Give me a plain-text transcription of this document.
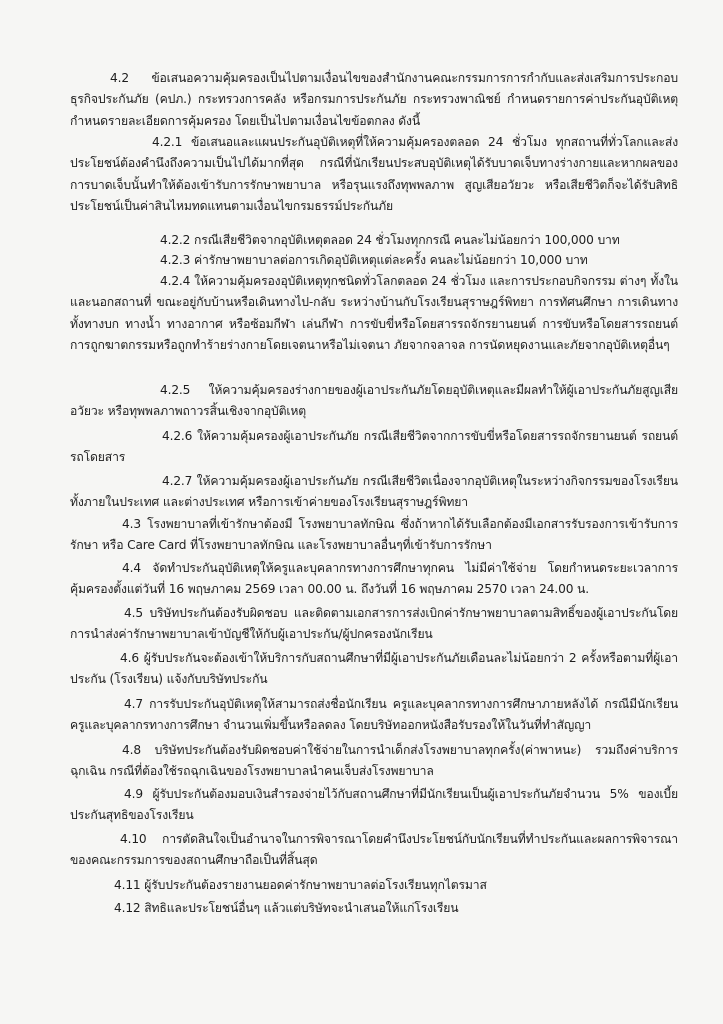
4.2 ข้อเสนอความคุ้มครองเป็นไปตามเงื่อนไขของสำนักงานคณะกรรมการการกำกับและส่งเสริมการประกอบธุรกิจประกันภัย (คปภ.) กระทรวงการคลัง หรือกรมการประกันภัย กระทรวงพาณิชย์ กำหนดรายการค่าประกันอุบัติเหตุ กำหนดรายละเอียดการคุ้มครอง โดยเป็นไปตามเงื่อนไขข้อตกลง ดังนี้
4.2.1 ข้อเสนอและแผนประกันอุบัติเหตุที่ให้ความคุ้มครองตลอด 24 ชั่วโมง ทุกสถานที่ทั่วโลกและส่งประโยชน์ต้องคำนึงถึงความเป็นไปได้มากที่สุด กรณีที่นักเรียนประสบอุบัติเหตุได้รับบาดเจ็บทางร่างกายและหากผลของการบาดเจ็บนั้นทำให้ต้องเข้ารับการรักษาพยาบาล หรือรุนแรงถึงทุพพลภาพ สูญเสียอวัยวะ หรือเสียชีวิตก็จะได้รับสิทธิประโยชน์เป็นค่าสินไหมทดแทนตามเงื่อนไขกรมธรรม์ประกันภัย
4.2.2 กรณีเสียชีวิตจากอุบัติเหตุตลอด 24 ชั่วโมงทุกกรณี คนละไม่น้อยกว่า 100,000 บาท
4.2.3 ค่ารักษาพยาบาลต่อการเกิดอุบัติเหตุแต่ละครั้ง คนละไม่น้อยกว่า 10,000 บาท
4.2.4 ให้ความคุ้มครองอุบัติเหตุทุกชนิดทั่วโลกตลอด 24 ชั่วโมง และการประกอบกิจกรรม ต่างๆ ทั้งในและนอกสถานที่ ขณะอยู่กับบ้านหรือเดินทางไป-กลับ ระหว่างบ้านกับโรงเรียนสุราษฎร์พิทยา การทัศนศึกษา การเดินทางทั้งทางบก ทางน้ำ ทางอากาศ หรือซ้อมกีฬา เล่นกีฬา การขับขี่หรือโดยสารรถจักรยานยนต์ การขับหรือโดยสารรถยนต์ การถูกฆาตกรรมหรือถูกทำร้ายร่างกายโดยเจตนาหรือไม่เจตนา ภัยจากจลาจล การนัดหยุดงานและภัยจากอุบัติเหตุอื่นๆ
4.2.5 ให้ความคุ้มครองร่างกายของผู้เอาประกันภัยโดยอุบัติเหตุและมีผลทำให้ผู้เอาประกันภัยสูญเสียอวัยวะ หรือทุพพลภาพถาวรสิ้นเชิงจากอุบัติเหตุ
4.2.6 ให้ความคุ้มครองผู้เอาประกันภัย กรณีเสียชีวิตจากการขับขี่หรือโดยสารรถจักรยานยนต์ รถยนต์ รถโดยสาร
4.2.7 ให้ความคุ้มครองผู้เอาประกันภัย กรณีเสียชีวิตเนื่องจากอุบัติเหตุในระหว่างกิจกรรมของโรงเรียนทั้งภายในประเทศ และต่างประเทศ หรือการเข้าค่ายของโรงเรียนสุราษฎร์พิทยา
4.3 โรงพยาบาลที่เข้ารักษาต้องมี โรงพยาบาลทักษิณ ซึ่งถ้าหากได้รับเลือกต้องมีเอกสารรับรองการเข้ารับการรักษา หรือ Care Card ที่โรงพยาบาลทักษิณ และโรงพยาบาลอื่นๆที่เข้ารับการรักษา
4.4 จัดทำประกันอุบัติเหตุให้ครูและบุคลากรทางการศึกษาทุกคน ไม่มีค่าใช้จ่าย โดยกำหนดระยะเวลาการคุ้มครองตั้งแต่วันที่ 16 พฤษภาคม 2569 เวลา 00.00 น. ถึงวันที่ 16 พฤษภาคม 2570 เวลา 24.00 น.
4.5 บริษัทประกันต้องรับผิดชอบ และติดตามเอกสารการส่งเบิกค่ารักษาพยาบาลตามสิทธิ์ของผู้เอาประกันโดยการนำส่งค่ารักษาพยาบาลเข้าบัญชีให้กับผู้เอาประกัน/ผู้ปกครองนักเรียน
4.6 ผู้รับประกันจะต้องเข้าให้บริการกับสถานศึกษาที่มีผู้เอาประกันภัยเดือนละไม่น้อยกว่า 2 ครั้งหรือตามที่ผู้เอาประกัน (โรงเรียน) แจ้งกับบริษัทประกัน
4.7 การรับประกันอุบัติเหตุให้สามารถส่งชื่อนักเรียน ครูและบุคลากรทางการศึกษาภายหลังได้ กรณีมีนักเรียน ครูและบุคลากรทางการศึกษา จำนวนเพิ่มขึ้นหรือลดลง โดยบริษัทออกหนังสือรับรองให้ในวันที่ทำสัญญา
4.8 บริษัทประกันต้องรับผิดชอบค่าใช้จ่ายในการนำเด็กส่งโรงพยาบาลทุกครั้ง(ค่าพาหนะ) รวมถึงค่าบริการฉุกเฉิน กรณีที่ต้องใช้รถฉุกเฉินของโรงพยาบาลนำคนเจ็บส่งโรงพยาบาล
4.9 ผู้รับประกันต้องมอบเงินสำรองจ่ายไว้กับสถานศึกษาที่มีนักเรียนเป็นผู้เอาประกันภัยจำนวน 5% ของเบี้ยประกันสุทธิของโรงเรียน
4.10 การตัดสินใจเป็นอำนาจในการพิจารณาโดยคำนึงประโยชน์กับนักเรียนที่ทำประกันและผลการพิจารณาของคณะกรรมการของสถานศึกษาถือเป็นที่สิ้นสุด
4.11 ผู้รับประกันต้องรายงานยอดค่ารักษาพยาบาลต่อโรงเรียนทุกไตรมาส
4.12 สิทธิและประโยชน์อื่นๆ แล้วแต่บริษัทจะนำเสนอให้แก่โรงเรียน
